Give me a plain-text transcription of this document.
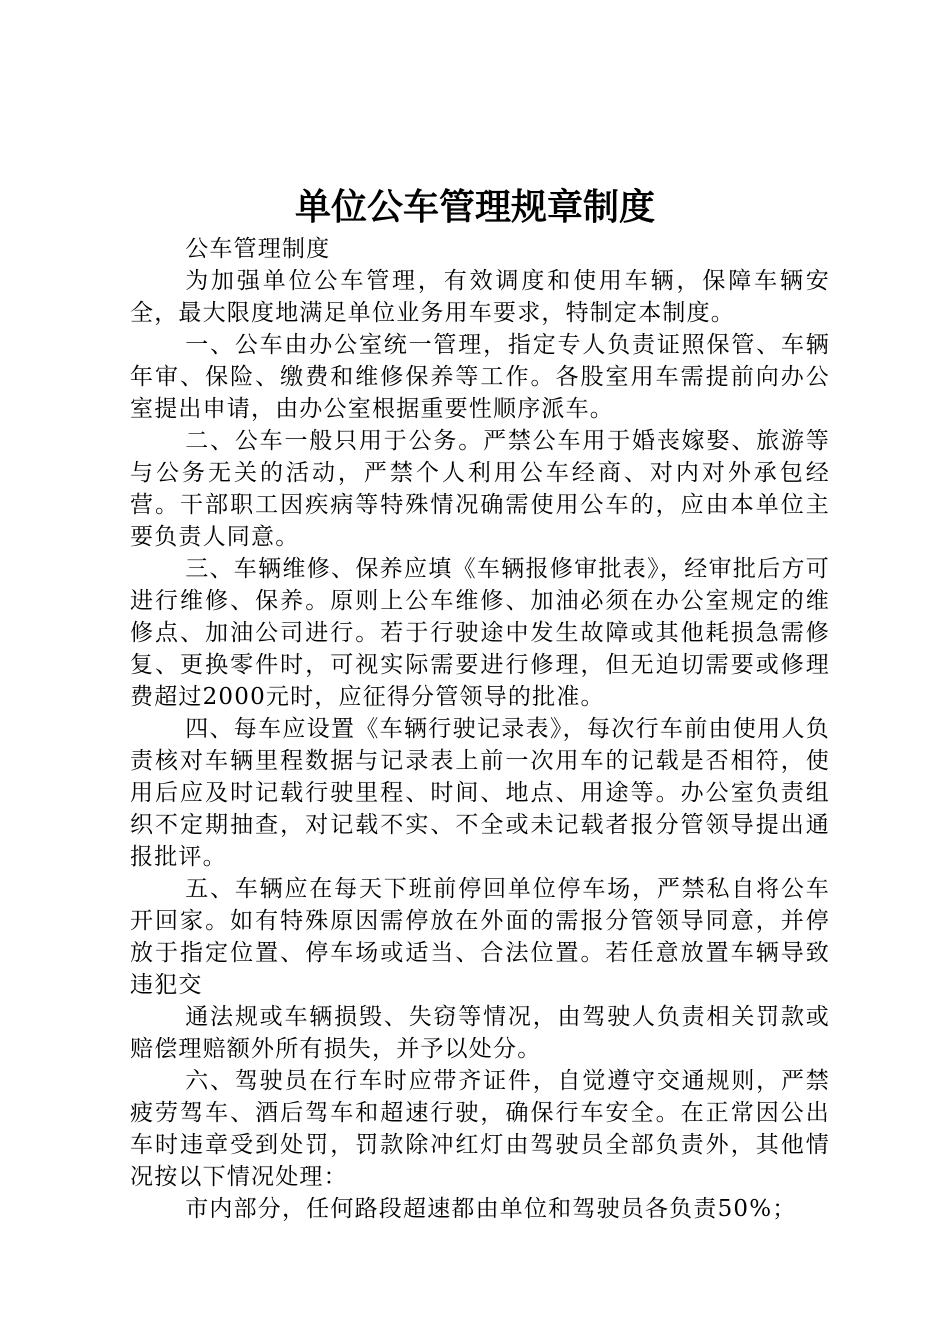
单位公车管理规章制度

公车管理制度

为加强单位公车管理，有效调度和使用车辆，保障车辆安全，最大限度地满足单位业务用车要求，特制定本制度。

一、公车由办公室统一管理，指定专人负责证照保管、车辆年审、保险、缴费和维修保养等工作。各股室用车需提前向办公室提出申请，由办公室根据重要性顺序派车。

二、公车一般只用于公务。严禁公车用于婚丧嫁娶、旅游等与公务无关的活动，严禁个人利用公车经商、对内对外承包经营。干部职工因疾病等特殊情况确需使用公车的，应由本单位主要负责人同意。

三、车辆维修、保养应填《车辆报修审批表》，经审批后方可进行维修、保养。原则上公车维修、加油必须在办公室规定的维修点、加油公司进行。若于行驶途中发生故障或其他耗损急需修复、更换零件时，可视实际需要进行修理，但无迫切需要或修理费超过2000元时，应征得分管领导的批准。

四、每车应设置《车辆行驶记录表》，每次行车前由使用人负责核对车辆里程数据与记录表上前一次用车的记载是否相符，使用后应及时记载行驶里程、时间、地点、用途等。办公室负责组织不定期抽查，对记载不实、不全或未记载者报分管领导提出通报批评。

五、车辆应在每天下班前停回单位停车场，严禁私自将公车开回家。如有特殊原因需停放在外面的需报分管领导同意，并停放于指定位置、停车场或适当、合法位置。若任意放置车辆导致违犯交

通法规或车辆损毁、失窃等情况，由驾驶人负责相关罚款或赔偿理赔额外所有损失，并予以处分。

六、驾驶员在行车时应带齐证件，自觉遵守交通规则，严禁疲劳驾车、酒后驾车和超速行驶，确保行车安全。在正常因公出车时违章受到处罚，罚款除冲红灯由驾驶员全部负责外，其他情况按以下情况处理：

市内部分，任何路段超速都由单位和驾驶员各负责50%；
